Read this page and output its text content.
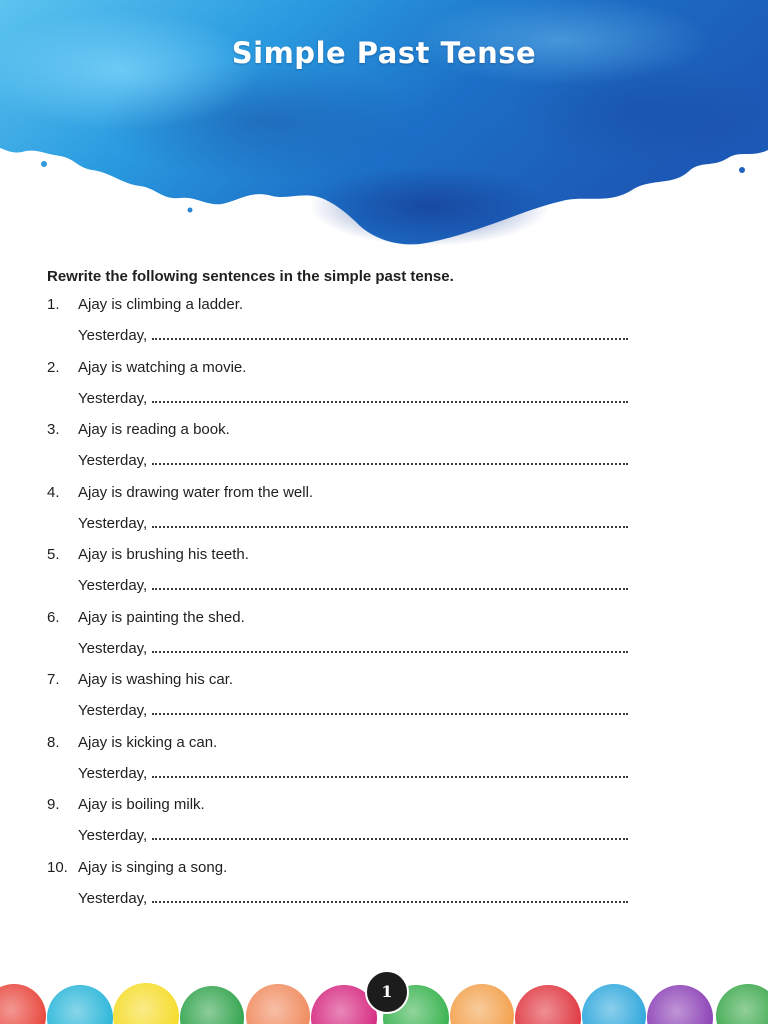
Simple Past Tense

Rewrite the following sentences in the simple past tense.

1. Ajay is climbing a ladder.
Yesterday,
2. Ajay is watching a movie.
Yesterday,
3. Ajay is reading a book.
Yesterday,
4. Ajay is drawing water from the well.
Yesterday,
5. Ajay is brushing his teeth.
Yesterday,
6. Ajay is painting the shed.
Yesterday,
7. Ajay is washing his car.
Yesterday,
8. Ajay is kicking a can.
Yesterday,
9. Ajay is boiling milk.
Yesterday,
10. Ajay is singing a song.
Yesterday,
1
